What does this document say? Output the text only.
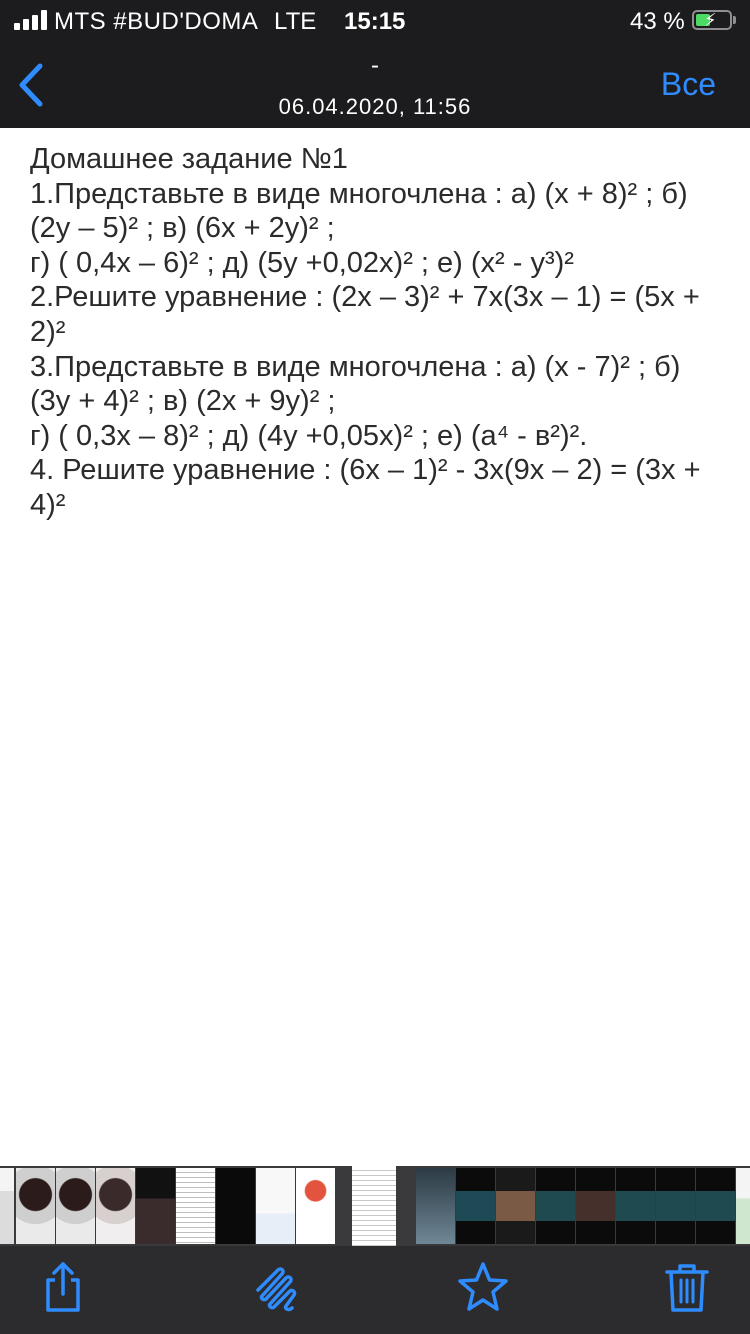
MTS #BUD'DOMA LTE 15:15	43 % ⚡
-
06.04.2020, 11:56
Все
Домашнее задание №1
1.Представьте в виде многочлена : а) (х + 8)² ; б)
(2у – 5)² ; в) (6х + 2у)² ;
г) ( 0,4х – 6)² ; д) (5у +0,02х)² ; е) (х² - у³)²
2.Решите уравнение : (2х – 3)² + 7х(3х – 1) = (5х +
2)²
3.Представьте в виде многочлена : а) (х - 7)² ; б)
(3у + 4)² ; в) (2х + 9у)² ;
г) ( 0,3х – 8)² ; д) (4у +0,05х)² ; е) (а⁴ - в²)².
4. Решите уравнение : (6х – 1)² - 3х(9х – 2) = (3х +
4)²
